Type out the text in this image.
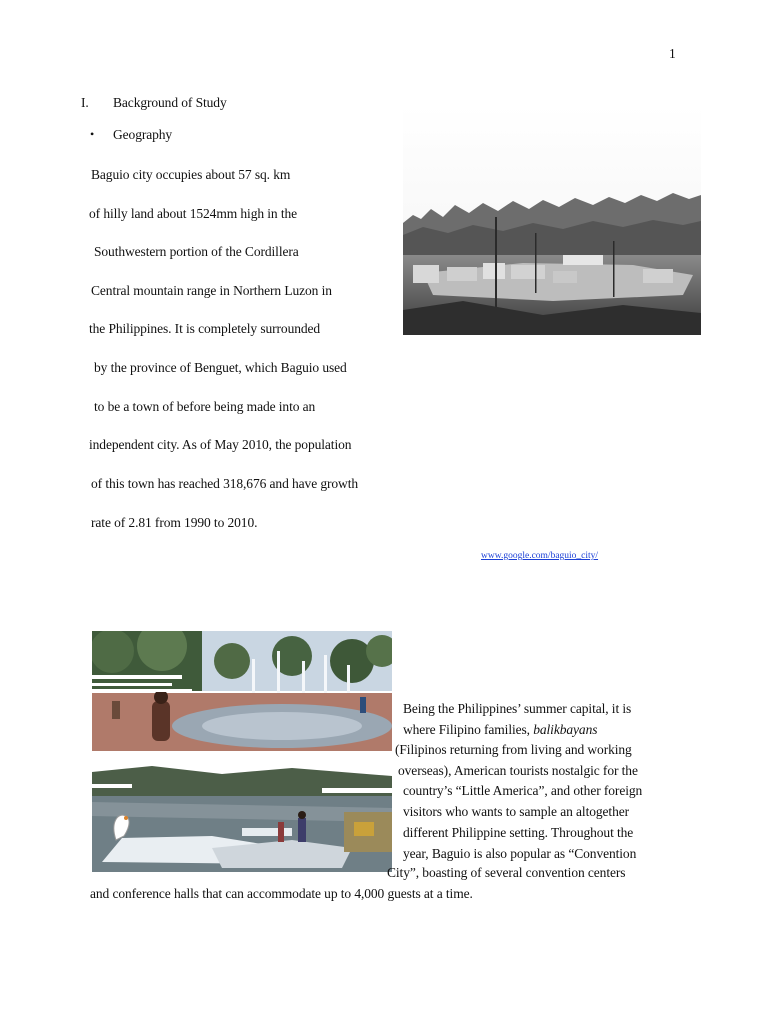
1
I. Background of Study
• Geography
Baguio city occupies about 57 sq. km
of hilly land about 1524mm high in the
Southwestern portion of the Cordillera
Central mountain range in Northern Luzon in
the Philippines. It is completely surrounded
by the province of Benguet, which Baguio used
to be a town of before being made into an
independent city. As of May 2010, the population
of this town has reached 318,676 and have growth
rate of 2.81 from 1990 to 2010.
www.google.com/baguio_city/
Being the Philippines’ summer capital, it is
where Filipino families, balikbayans
(Filipinos returning from living and working
overseas), American tourists nostalgic for the
country’s “Little America”, and other foreign
visitors who wants to sample an altogether
different Philippine setting. Throughout the
year, Baguio is also popular as “Convention
City”, boasting of several convention centers
and conference halls that can accommodate up to 4,000 guests at a time.
